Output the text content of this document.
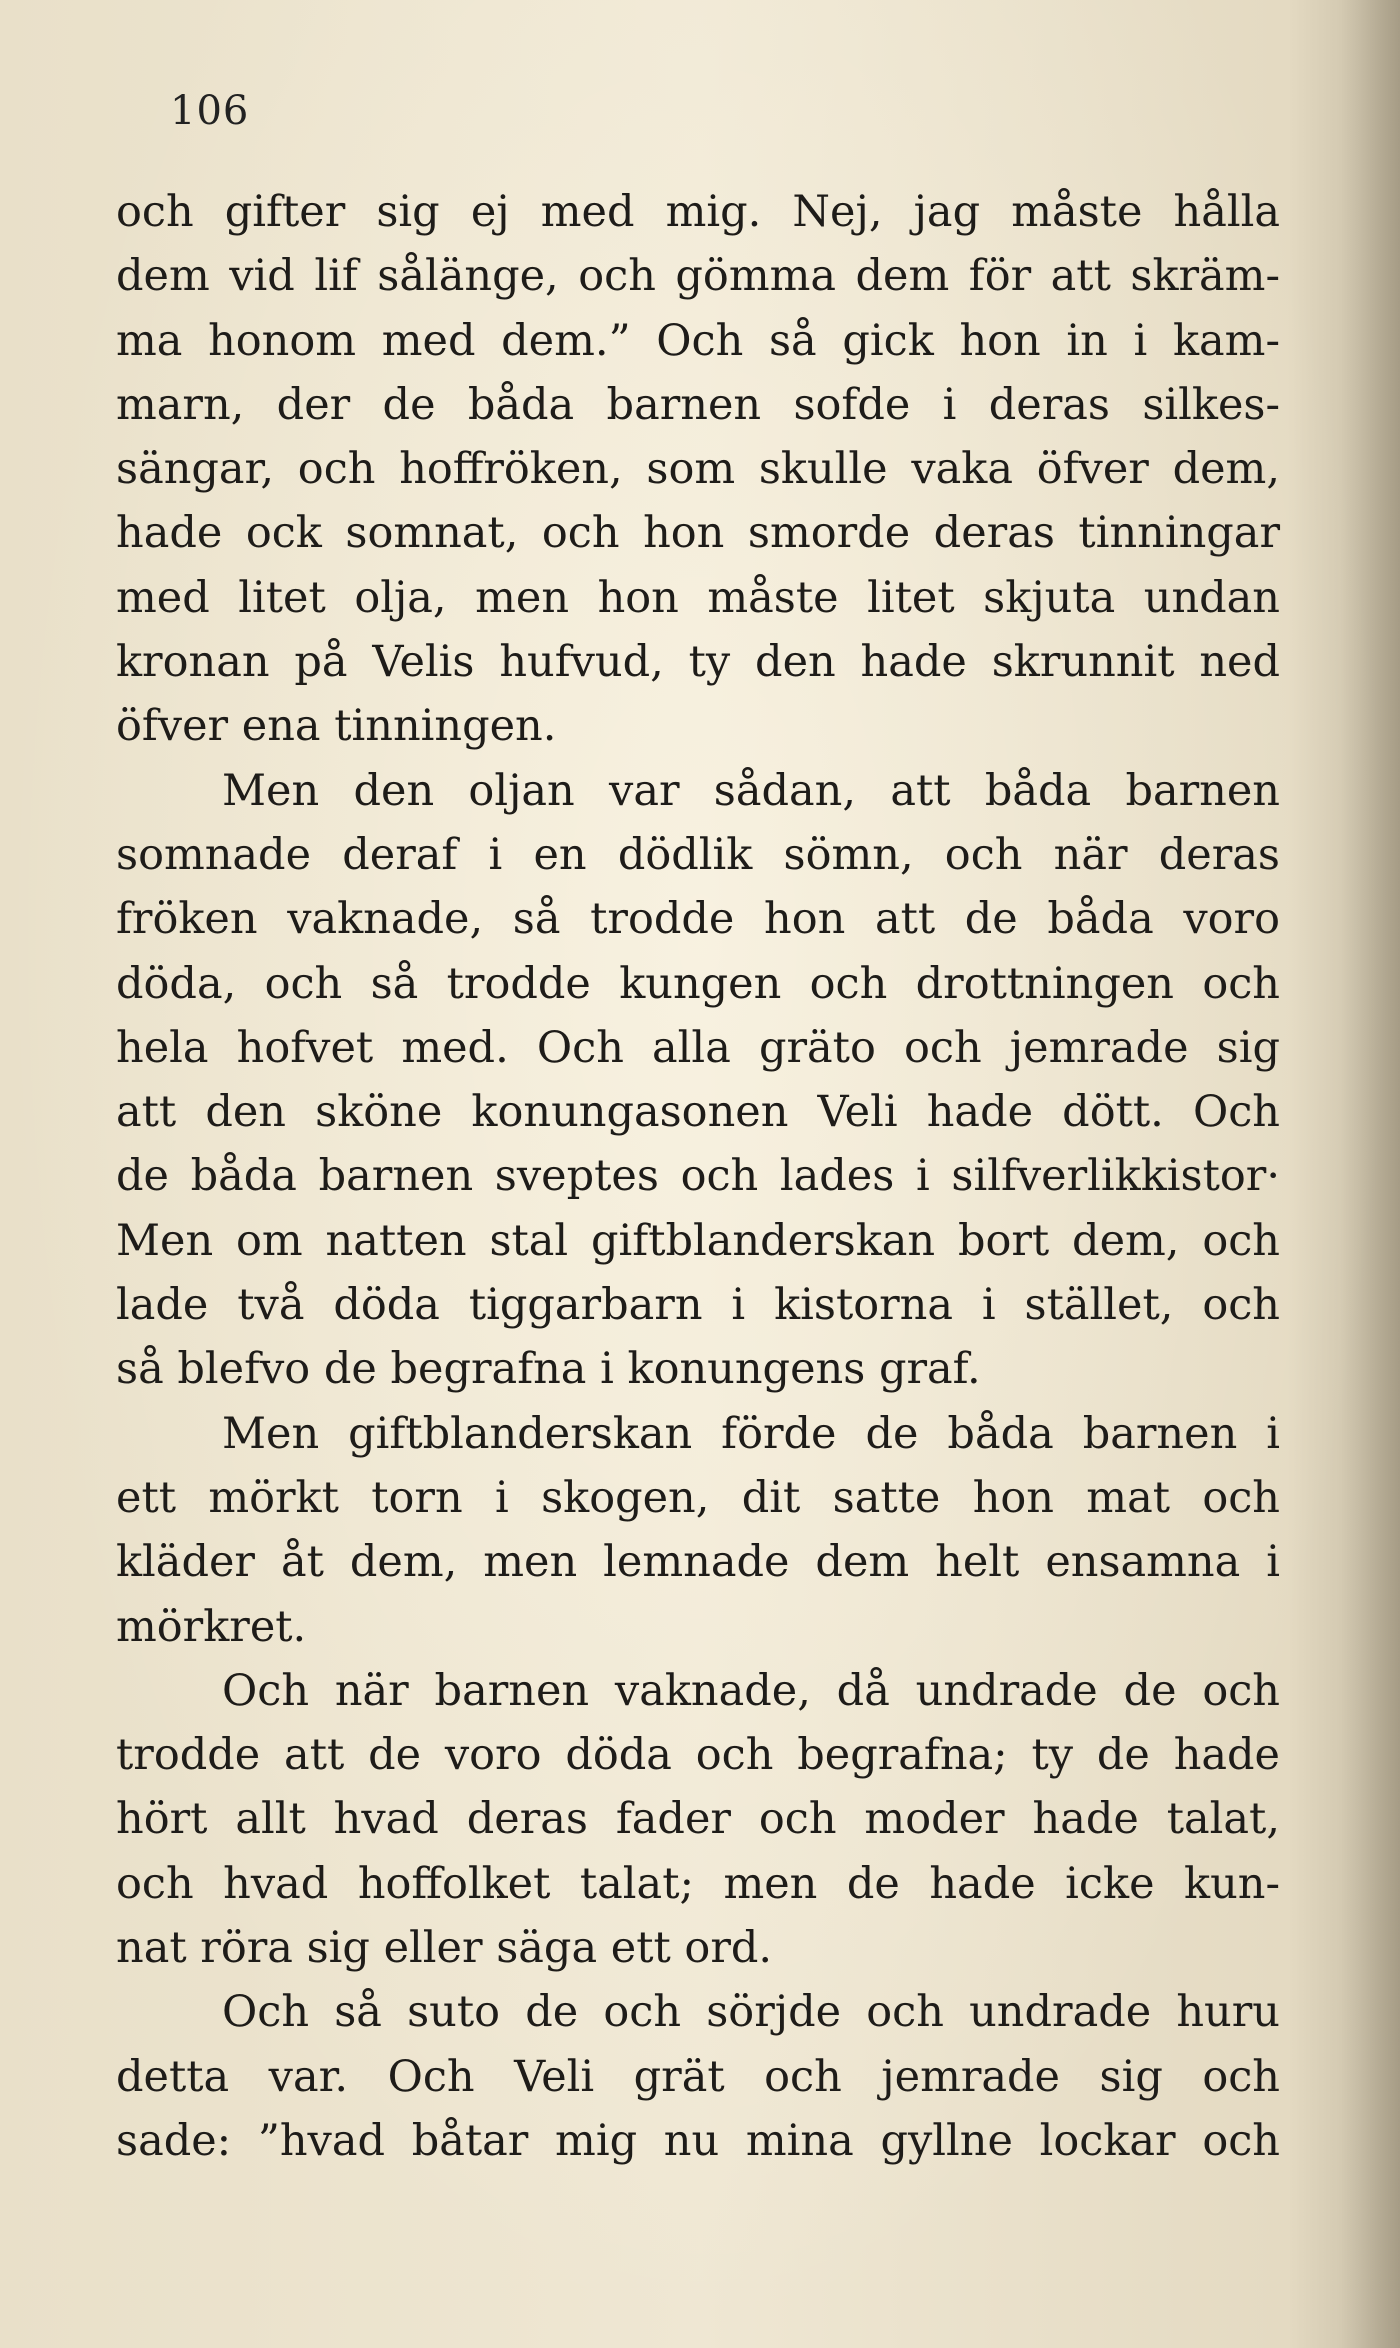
106
och gifter sig ej med mig. Nej, jag måste hålla
dem vid lif sålänge, och gömma dem för att skräm-
ma honom med dem.” Och så gick hon in i kam-
marn, der de båda barnen sofde i deras silkes-
sängar, och hoffröken, som skulle vaka öfver dem,
hade ock somnat, och hon smorde deras tinningar
med litet olja, men hon måste litet skjuta undan
kronan på Velis hufvud, ty den hade skrunnit ned
öfver ena tinningen.
Men den oljan var sådan, att båda barnen
somnade deraf i en dödlik sömn, och när deras
fröken vaknade, så trodde hon att de båda voro
döda, och så trodde kungen och drottningen och
hela hofvet med. Och alla gräto och jemrade sig
att den sköne konungasonen Veli hade dött. Och
de båda barnen sveptes och lades i silfverlikkistor·
Men om natten stal giftblanderskan bort dem, och
lade två döda tiggarbarn i kistorna i stället, och
så blefvo de begrafna i konungens graf.
Men giftblanderskan förde de båda barnen i
ett mörkt torn i skogen, dit satte hon mat och
kläder åt dem, men lemnade dem helt ensamna i
mörkret.
Och när barnen vaknade, då undrade de och
trodde att de voro döda och begrafna; ty de hade
hört allt hvad deras fader och moder hade talat,
och hvad hoffolket talat; men de hade icke kun-
nat röra sig eller säga ett ord.
Och så suto de och sörjde och undrade huru
detta var. Och Veli grät och jemrade sig och
sade: ”hvad båtar mig nu mina gyllne lockar och
